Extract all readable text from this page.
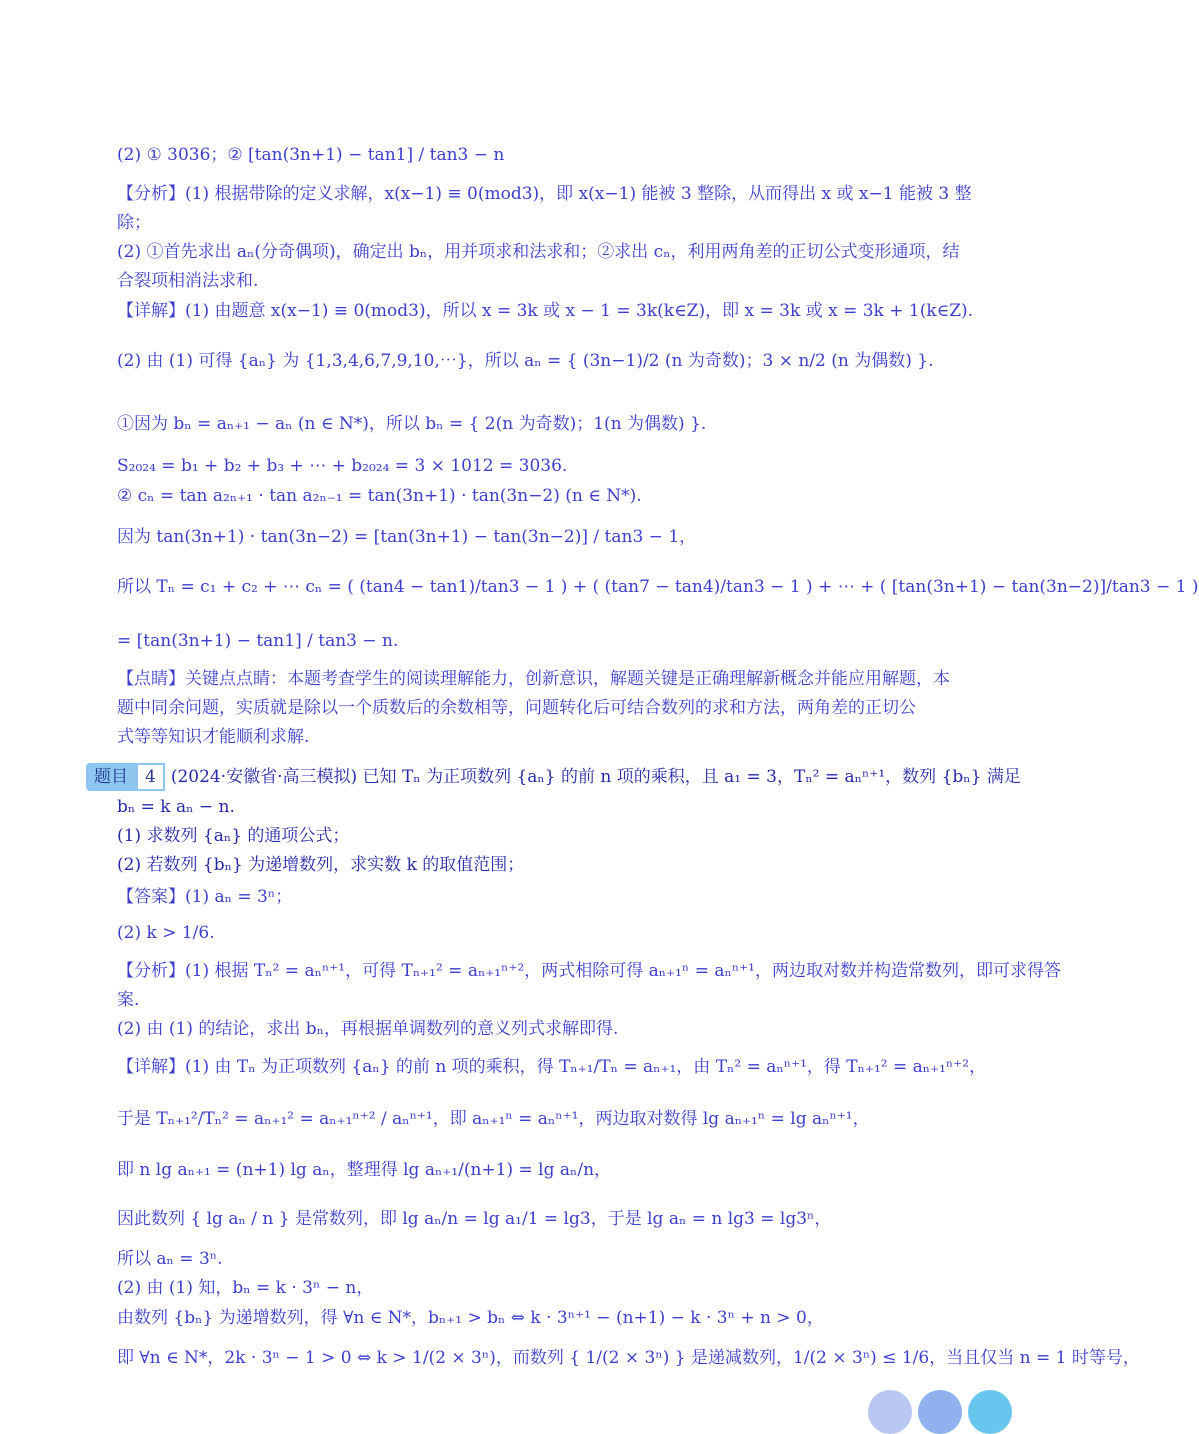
(2) ① 3036；② [tan(3n+1) − tan1] / tan3 − n
【分析】(1) 根据带除的定义求解，x(x−1) ≡ 0(mod3)，即 x(x−1) 能被 3 整除，从而得出 x 或 x−1 能被 3 整
除；
(2) ①首先求出 aₙ(分奇偶项)，确定出 bₙ，用并项求和法求和；②求出 cₙ，利用两角差的正切公式变形通项，结
合裂项相消法求和.
【详解】(1) 由题意 x(x−1) ≡ 0(mod3)，所以 x = 3k 或 x − 1 = 3k(k∈Z)，即 x = 3k 或 x = 3k + 1(k∈Z).
(2) 由 (1) 可得 {aₙ} 为 {1,3,4,6,7,9,10,⋯}，所以 aₙ = { (3n−1)/2 (n 为奇数)；3 × n/2 (n 为偶数) }.
①因为 bₙ = aₙ₊₁ − aₙ (n ∈ N*)，所以 bₙ = { 2(n 为奇数)；1(n 为偶数) }.
S₂₀₂₄ = b₁ + b₂ + b₃ + ⋯ + b₂₀₂₄ = 3 × 1012 = 3036.
② cₙ = tan a₂ₙ₊₁ · tan a₂ₙ₋₁ = tan(3n+1) · tan(3n−2) (n ∈ N*).
因为 tan(3n+1) · tan(3n−2) = [tan(3n+1) − tan(3n−2)] / tan3 − 1，
所以 Tₙ = c₁ + c₂ + ⋯ cₙ = ( (tan4 − tan1)/tan3 − 1 ) + ( (tan7 − tan4)/tan3 − 1 ) + ⋯ + ( [tan(3n+1) − tan(3n−2)]/tan3 − 1 )
= [tan(3n+1) − tan1] / tan3 − n.
【点睛】关键点点睛：本题考查学生的阅读理解能力，创新意识，解题关键是正确理解新概念并能应用解题，本
题中同余问题，实质就是除以一个质数后的余数相等，问题转化后可结合数列的求和方法，两角差的正切公
式等等知识才能顺利求解.
题目	4 (2024·安徽省·高三模拟) 已知 Tₙ 为正项数列 {aₙ} 的前 n 项的乘积，且 a₁ = 3，Tₙ² = aₙⁿ⁺¹，数列 {bₙ} 满足
bₙ = k aₙ − n.
(1) 求数列 {aₙ} 的通项公式；
(2) 若数列 {bₙ} 为递增数列，求实数 k 的取值范围；
【答案】(1) aₙ = 3ⁿ；
(2) k > 1/6.
【分析】(1) 根据 Tₙ² = aₙⁿ⁺¹，可得 Tₙ₊₁² = aₙ₊₁ⁿ⁺²，两式相除可得 aₙ₊₁ⁿ = aₙⁿ⁺¹，两边取对数并构造常数列，即可求得答
案.
(2) 由 (1) 的结论，求出 bₙ，再根据单调数列的意义列式求解即得.
【详解】(1) 由 Tₙ 为正项数列 {aₙ} 的前 n 项的乘积，得 Tₙ₊₁/Tₙ = aₙ₊₁，由 Tₙ² = aₙⁿ⁺¹，得 Tₙ₊₁² = aₙ₊₁ⁿ⁺²，
于是 Tₙ₊₁²/Tₙ² = aₙ₊₁² = aₙ₊₁ⁿ⁺² / aₙⁿ⁺¹，即 aₙ₊₁ⁿ = aₙⁿ⁺¹，两边取对数得 lg aₙ₊₁ⁿ = lg aₙⁿ⁺¹，
即 n lg aₙ₊₁ = (n+1) lg aₙ，整理得 lg aₙ₊₁/(n+1) = lg aₙ/n，
因此数列 { lg aₙ / n } 是常数列，即 lg aₙ/n = lg a₁/1 = lg3，于是 lg aₙ = n lg3 = lg3ⁿ，
所以 aₙ = 3ⁿ.
(2) 由 (1) 知，bₙ = k · 3ⁿ − n，
由数列 {bₙ} 为递增数列，得 ∀n ∈ N*，bₙ₊₁ > bₙ ⇔ k · 3ⁿ⁺¹ − (n+1) − k · 3ⁿ + n > 0，
即 ∀n ∈ N*，2k · 3ⁿ − 1 > 0 ⇔ k > 1/(2 × 3ⁿ)，而数列 { 1/(2 × 3ⁿ) } 是递减数列，1/(2 × 3ⁿ) ≤ 1/6，当且仅当 n = 1 时等号，
